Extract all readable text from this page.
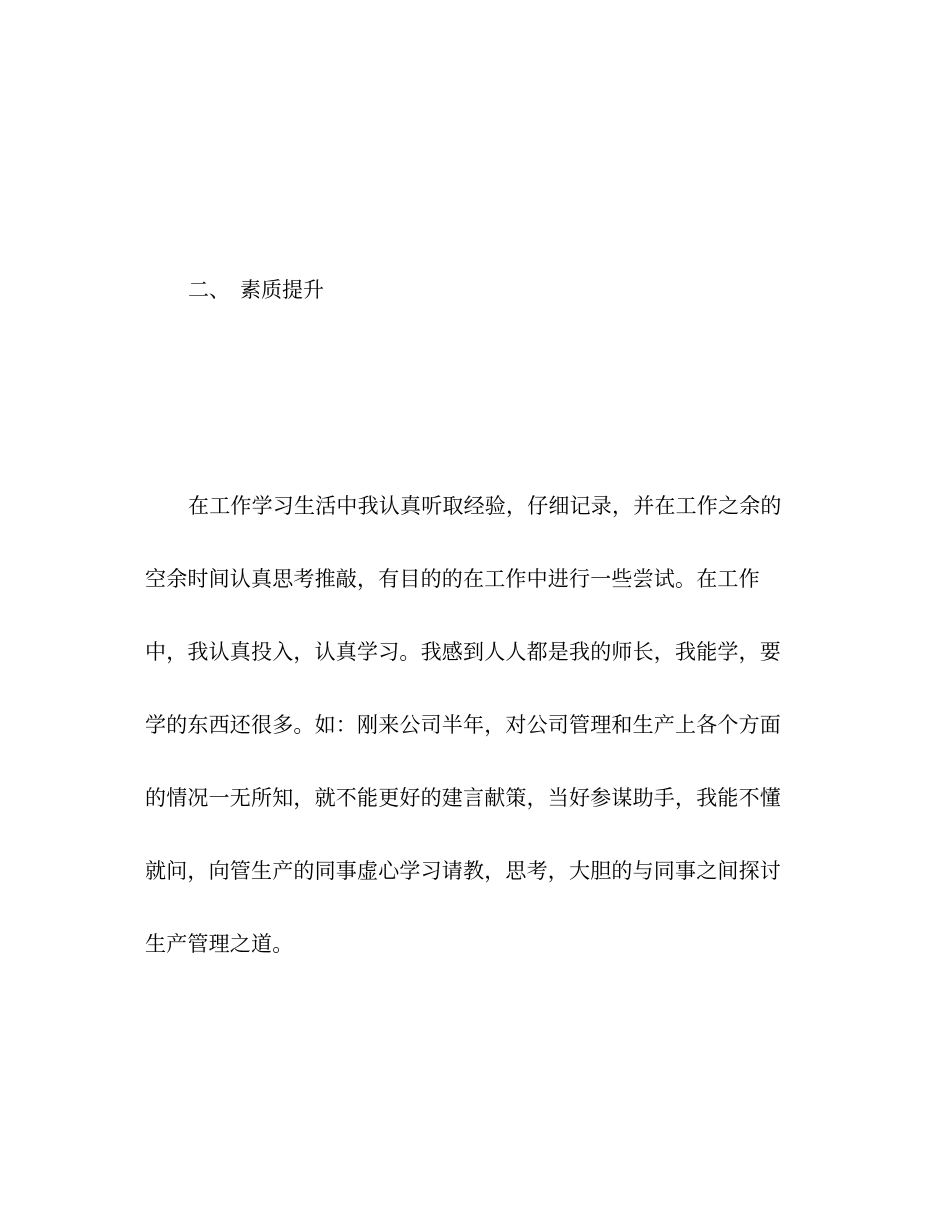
二、 素质提升
在工作学习生活中我认真听取经验，仔细记录，并在工作之余的
空余时间认真思考推敲，有目的的在工作中进行一些尝试。在工作
中，我认真投入，认真学习。我感到人人都是我的师长，我能学，要
学的东西还很多。如：刚来公司半年，对公司管理和生产上各个方面
的情况一无所知，就不能更好的建言献策，当好参谋助手，我能不懂
就问，向管生产的同事虚心学习请教，思考，大胆的与同事之间探讨
生产管理之道。
